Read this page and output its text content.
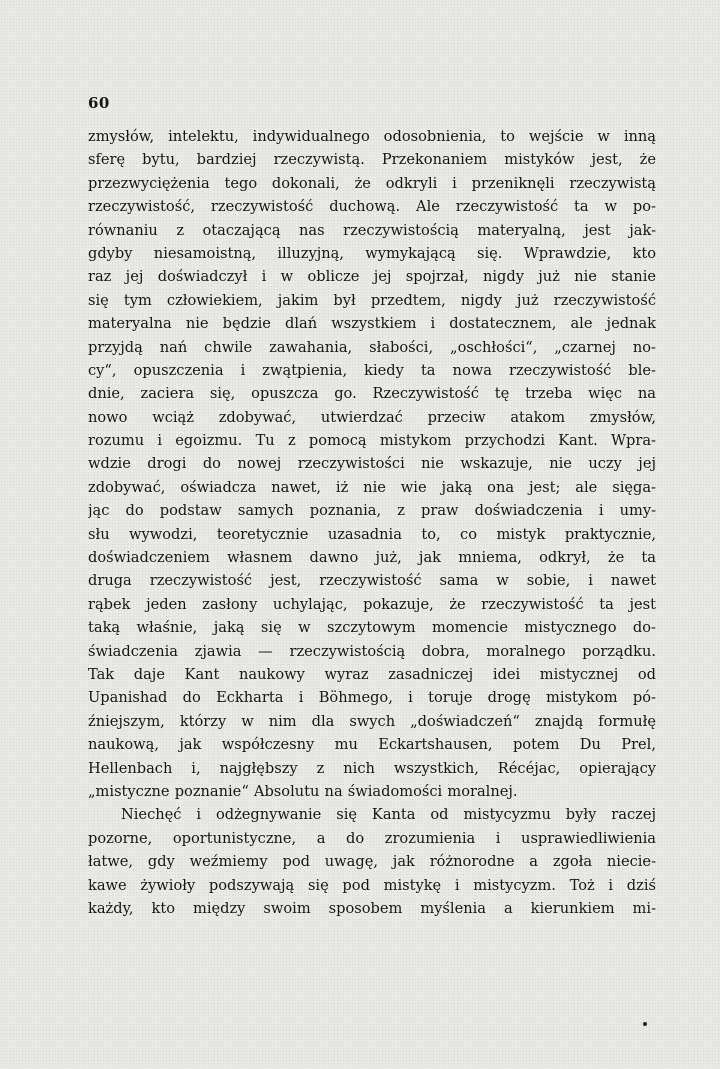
60
zmysłów, intelektu, indywidualnego odosobnienia, to wejście w inną
sferę bytu, bardziej rzeczywistą. Przekonaniem mistyków jest, że
przezwyciężenia tego dokonali, że odkryli i przeniknęli rzeczywistą
rzeczywistość, rzeczywistość duchową. Ale rzeczywistość ta w po-
równaniu z otaczającą nas rzeczywistością materyalną, jest jak-
gdyby niesamoistną, illuzyjną, wymykającą się. Wprawdzie, kto
raz jej doświadczył i w oblicze jej spojrzał, nigdy już nie stanie
się tym człowiekiem, jakim był przedtem, nigdy już rzeczywistość
materyalna nie będzie dlań wszystkiem i dostatecznem, ale jednak
przyjdą nań chwile zawahania, słabości, „oschłości“, „czarnej no-
cy“, opuszczenia i zwątpienia, kiedy ta nowa rzeczywistość ble-
dnie, zaciera się, opuszcza go. Rzeczywistość tę trzeba więc na
nowo wciąż zdobywać, utwierdzać przeciw atakom zmysłów,
rozumu i egoizmu. Tu z pomocą mistykom przychodzi Kant. Wpra-
wdzie drogi do nowej rzeczywistości nie wskazuje, nie uczy jej
zdobywać, oświadcza nawet, iż nie wie jaką ona jest; ale sięga-
jąc do podstaw samych poznania, z praw doświadczenia i umy-
słu wywodzi, teoretycznie uzasadnia to, co mistyk praktycznie,
doświadczeniem własnem dawno już, jak mniema, odkrył, że ta
druga rzeczywistość jest, rzeczywistość sama w sobie, i nawet
rąbek jeden zasłony uchylając, pokazuje, że rzeczywistość ta jest
taką właśnie, jaką się w szczytowym momencie mistycznego do-
świadczenia zjawia — rzeczywistością dobra, moralnego porządku.
Tak daje Kant naukowy wyraz zasadniczej idei mistycznej od
Upanishad do Eckharta i Böhmego, i toruje drogę mistykom pó-
źniejszym, którzy w nim dla swych „doświadczeń“ znajdą formułę
naukową, jak współczesny mu Eckartshausen, potem Du Prel,
Hellenbach i, najgłębszy z nich wszystkich, Récéjac, opierający
„mistyczne poznanie“ Absolutu na świadomości moralnej.
Niechęć i odżegnywanie się Kanta od mistycyzmu były raczej
pozorne, oportunistyczne, a do zrozumienia i usprawiedliwienia
łatwe, gdy weźmiemy pod uwagę, jak różnorodne a zgoła niecie-
kawe żywioły podszywają się pod mistykę i mistycyzm. Toż i dziś
każdy, kto między swoim sposobem myślenia a kierunkiem mi-
